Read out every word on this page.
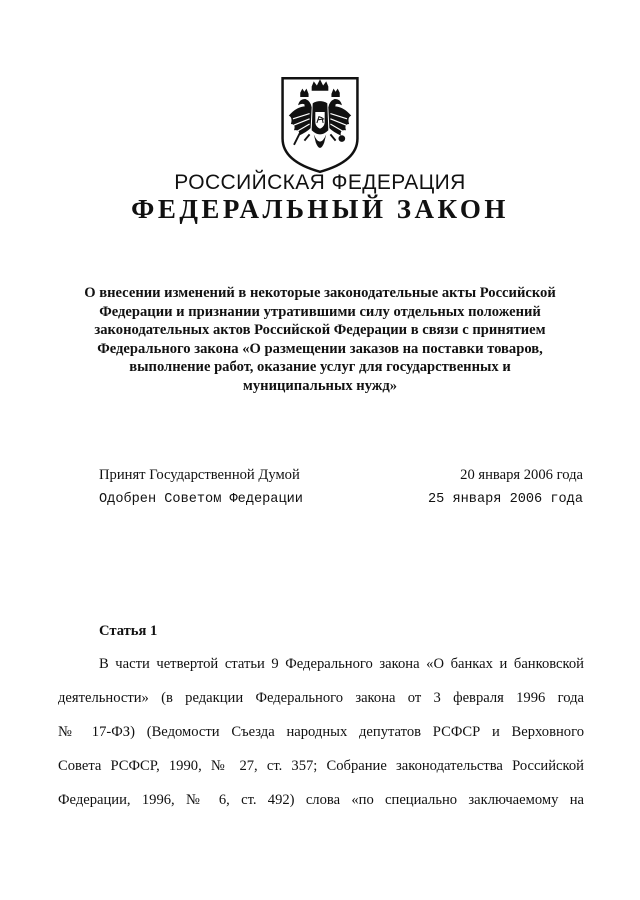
РОССИЙСКАЯ ФЕДЕРАЦИЯ
ФЕДЕРАЛЬНЫЙ ЗАКОН
О внесении изменений в некоторые законодательные акты Российской
Федерации и признании утратившими силу отдельных положений
законодательных актов Российской Федерации в связи с принятием
Федерального закона «О размещении заказов на поставки товаров,
выполнение работ, оказание услуг для государственных и
муниципальных нужд»
Принят Государственной Думой	20 января 2006 года
Одобрен Советом Федерации	25 января 2006 года
Статья 1
В части четвертой статьи 9 Федерального закона «О банках и банковской
деятельности» (в редакции Федерального закона от 3 февраля 1996 года
№ 17-ФЗ) (Ведомости Съезда народных депутатов РСФСР и Верховного
Совета РСФСР, 1990, № 27, ст. 357; Собрание законодательства Российской
Федерации, 1996, № 6, ст. 492) слова «по специально заключаемому на
